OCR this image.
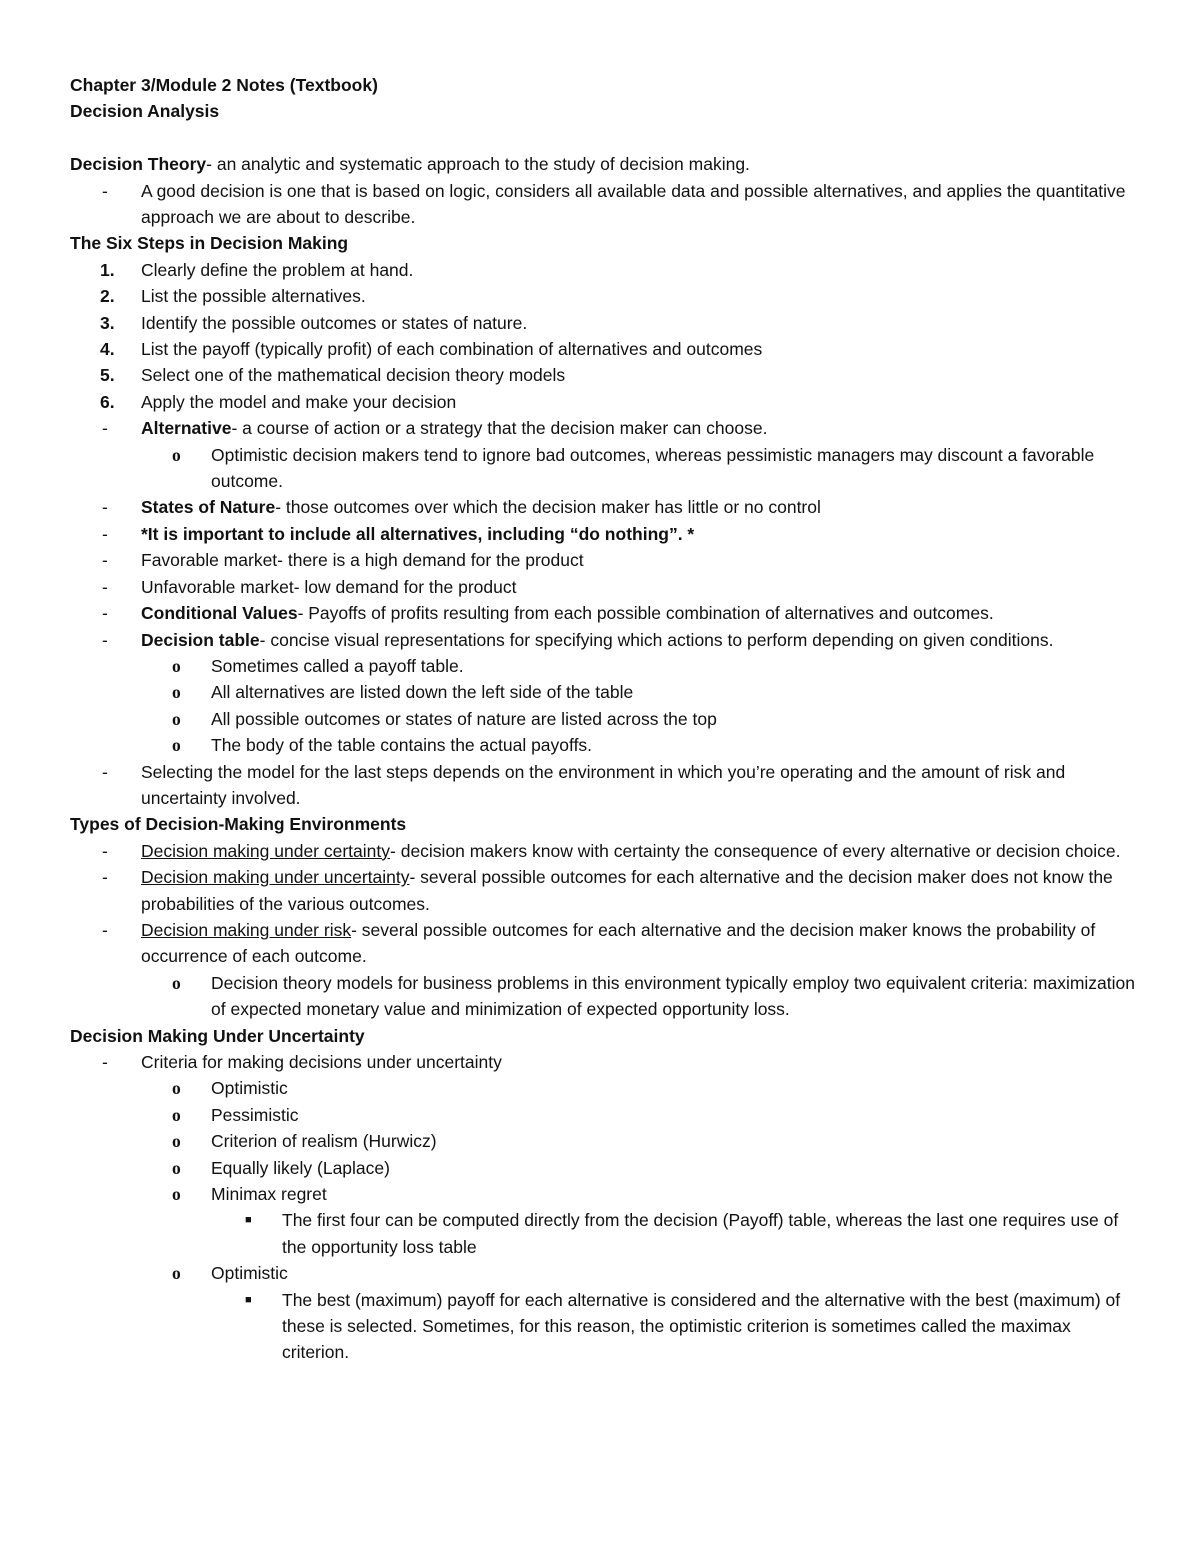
Chapter 3/Module 2 Notes (Textbook)

Decision Analysis

Decision Theory- an analytic and systematic approach to the study of decision making.

- A good decision is one that is based on logic, considers all available data and possible alternatives, and applies the quantitative approach we are about to describe.

The Six Steps in Decision Making

1. Clearly define the problem at hand.
2. List the possible alternatives.
3. Identify the possible outcomes or states of nature.
4. List the payoff (typically profit) of each combination of alternatives and outcomes
5. Select one of the mathematical decision theory models
6. Apply the model and make your decision
- Alternative- a course of action or a strategy that the decision maker can choose.
o Optimistic decision makers tend to ignore bad outcomes, whereas pessimistic managers may discount a favorable outcome.
- States of Nature- those outcomes over which the decision maker has little or no control
- *It is important to include all alternatives, including “do nothing”. *
- Favorable market- there is a high demand for the product
- Unfavorable market- low demand for the product
- Conditional Values- Payoffs of profits resulting from each possible combination of alternatives and outcomes.
- Decision table- concise visual representations for specifying which actions to perform depending on given conditions.
o Sometimes called a payoff table.
o All alternatives are listed down the left side of the table
o All possible outcomes or states of nature are listed across the top
o The body of the table contains the actual payoffs.
- Selecting the model for the last steps depends on the environment in which you’re operating and the amount of risk and uncertainty involved.

Types of Decision-Making Environments

- Decision making under certainty- decision makers know with certainty the consequence of every alternative or decision choice.
- Decision making under uncertainty- several possible outcomes for each alternative and the decision maker does not know the probabilities of the various outcomes.
- Decision making under risk- several possible outcomes for each alternative and the decision maker knows the probability of occurrence of each outcome.
o Decision theory models for business problems in this environment typically employ two equivalent criteria: maximization of expected monetary value and minimization of expected opportunity loss.

Decision Making Under Uncertainty

- Criteria for making decisions under uncertainty
o Optimistic
o Pessimistic
o Criterion of realism (Hurwicz)
o Equally likely (Laplace)
o Minimax regret
■ The first four can be computed directly from the decision (Payoff) table, whereas the last one requires use of the opportunity loss table
o Optimistic
■ The best (maximum) payoff for each alternative is considered and the alternative with the best (maximum) of these is selected. Sometimes, for this reason, the optimistic criterion is sometimes called the maximax criterion.
